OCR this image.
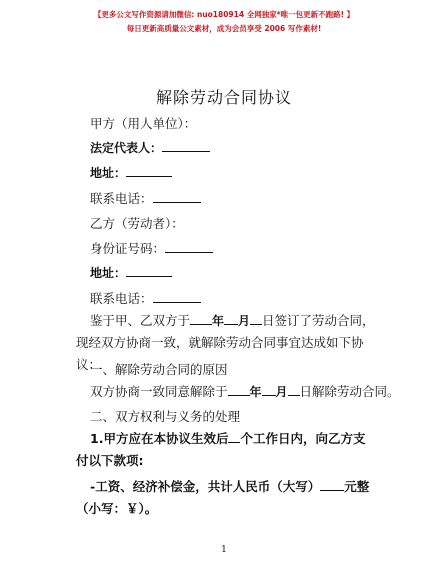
【更多公文写作资源请加微信: nuo180914 全网独家*唯一包更新不跑路! 】
每日更新高质量公文素材，成为会员享受 2006 写作素材!
解除劳动合同协议
甲方（用人单位）：
法定代表人：
地址：
联系电话：
乙方（劳动者）：
身份证号码：
地址：
联系电话：
鉴于甲、乙双方于 年 月 日签订了劳动合同，现经双方协商一致，就解除劳动合同事宜达成如下协议：
一、解除劳动合同的原因
双方协商一致同意解除于 年 月 日解除劳动合同。
二、双方权利与义务的处理
1.甲方应在本协议生效后 个工作日内，向乙方支付以下款项:
-工资、经济补偿金，共计人民币（大写） 元整（小写：￥）。
1
